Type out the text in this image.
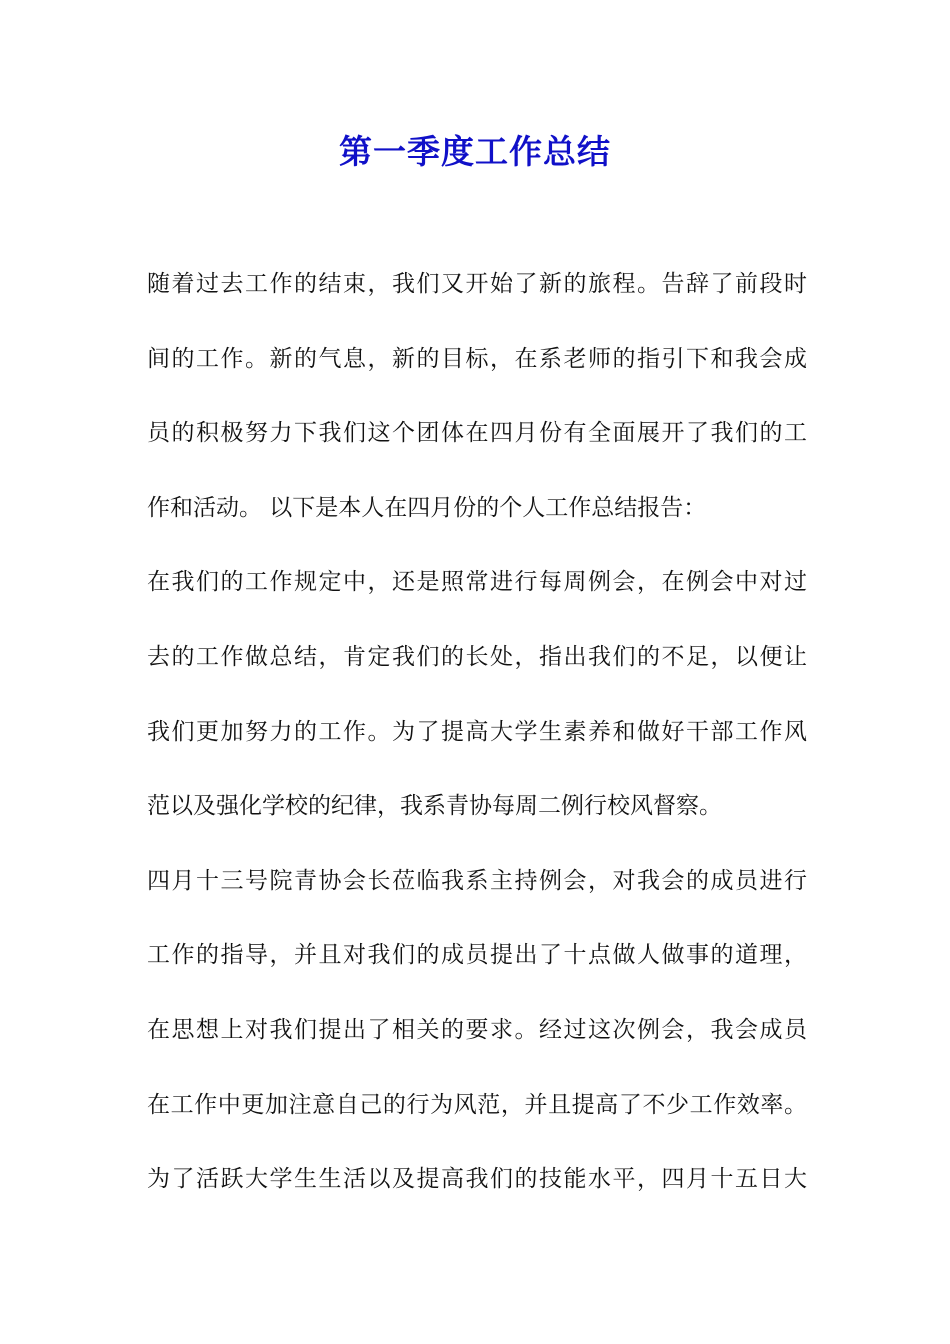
第一季度工作总结
随着过去工作的结束，我们又开始了新的旅程。告辞了前段时
间的工作。新的气息，新的目标，在系老师的指引下和我会成
员的积极努力下我们这个团体在四月份有全面展开了我们的工
作和活动。 以下是本人在四月份的个人工作总结报告：
在我们的工作规定中，还是照常进行每周例会，在例会中对过
去的工作做总结，肯定我们的长处，指出我们的不足，以便让
我们更加努力的工作。为了提高大学生素养和做好干部工作风
范以及强化学校的纪律，我系青协每周二例行校风督察。
四月十三号院青协会长莅临我系主持例会，对我会的成员进行
工作的指导，并且对我们的成员提出了十点做人做事的道理，
在思想上对我们提出了相关的要求。经过这次例会，我会成员
在工作中更加注意自己的行为风范，并且提高了不少工作效率。
为了活跃大学生生活以及提高我们的技能水平，四月十五日大
